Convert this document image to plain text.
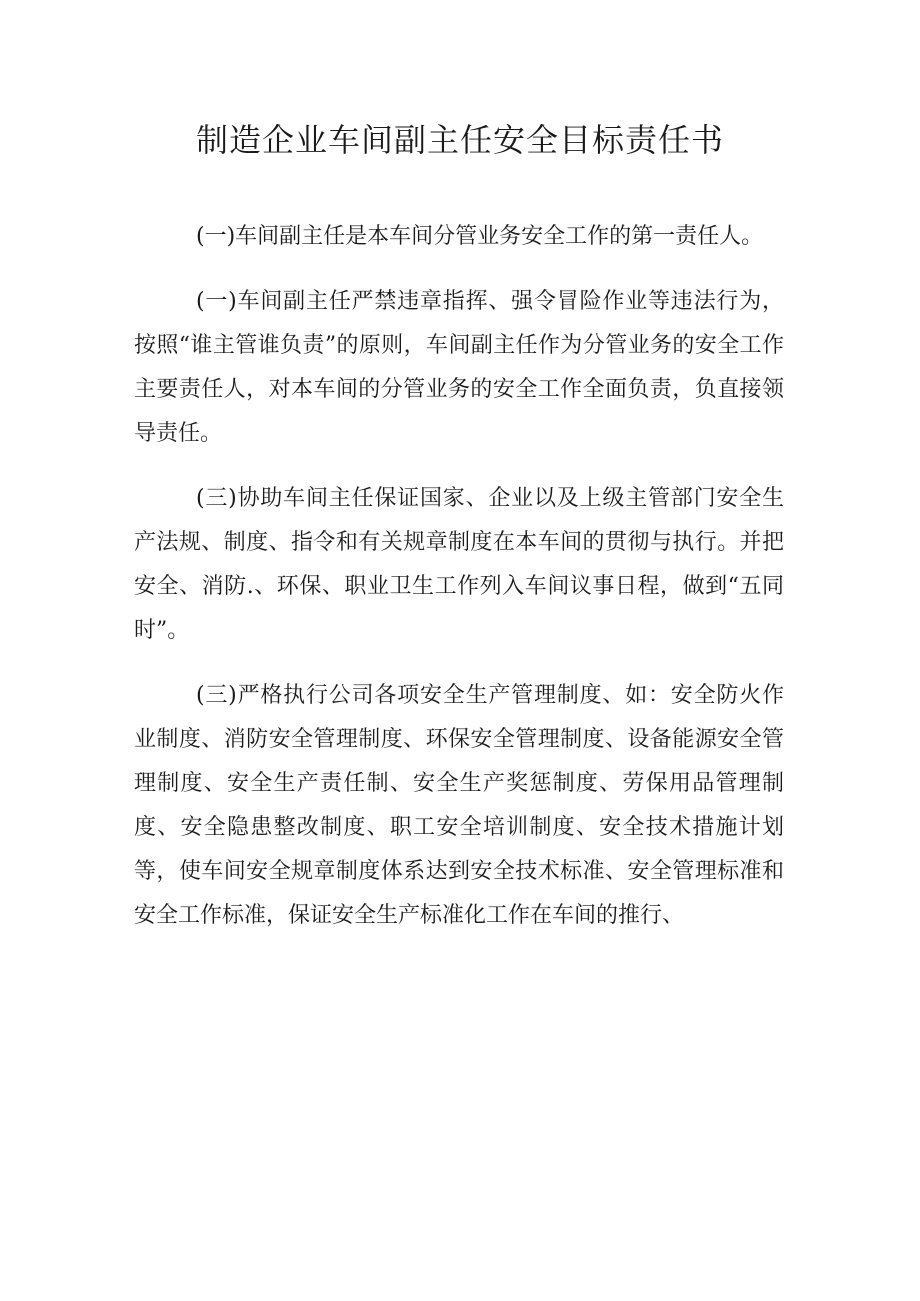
制造企业车间副主任安全目标责任书

(一)车间副主任是本车间分管业务安全工作的第一责任人。

(一)车间副主任严禁违章指挥、强令冒险作业等违法行为，按照“谁主管谁负责”的原则，车间副主任作为分管业务的安全工作主要责任人，对本车间的分管业务的安全工作全面负责，负直接领导责任。

(三)协助车间主任保证国家、企业以及上级主管部门安全生产法规、制度、指令和有关规章制度在本车间的贯彻与执行。并把安全、消防.、环保、职业卫生工作列入车间议事日程，做到“五同时”。

(三)严格执行公司各项安全生产管理制度、如：安全防火作业制度、消防安全管理制度、环保安全管理制度、设备能源安全管理制度、安全生产责任制、安全生产奖惩制度、劳保用品管理制度、安全隐患整改制度、职工安全培训制度、安全技术措施计划等，使车间安全规章制度体系达到安全技术标准、安全管理标准和安全工作标准，保证安全生产标准化工作在车间的推行、
